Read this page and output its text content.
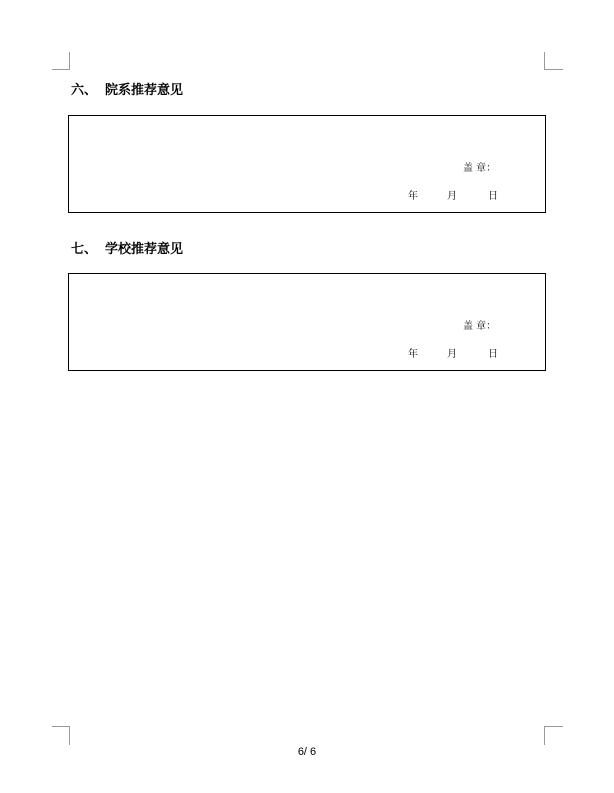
六、 院系推荐意见
盖 章：
年	月	日
七、 学校推荐意见
盖 章：
年	月	日
6/ 6
